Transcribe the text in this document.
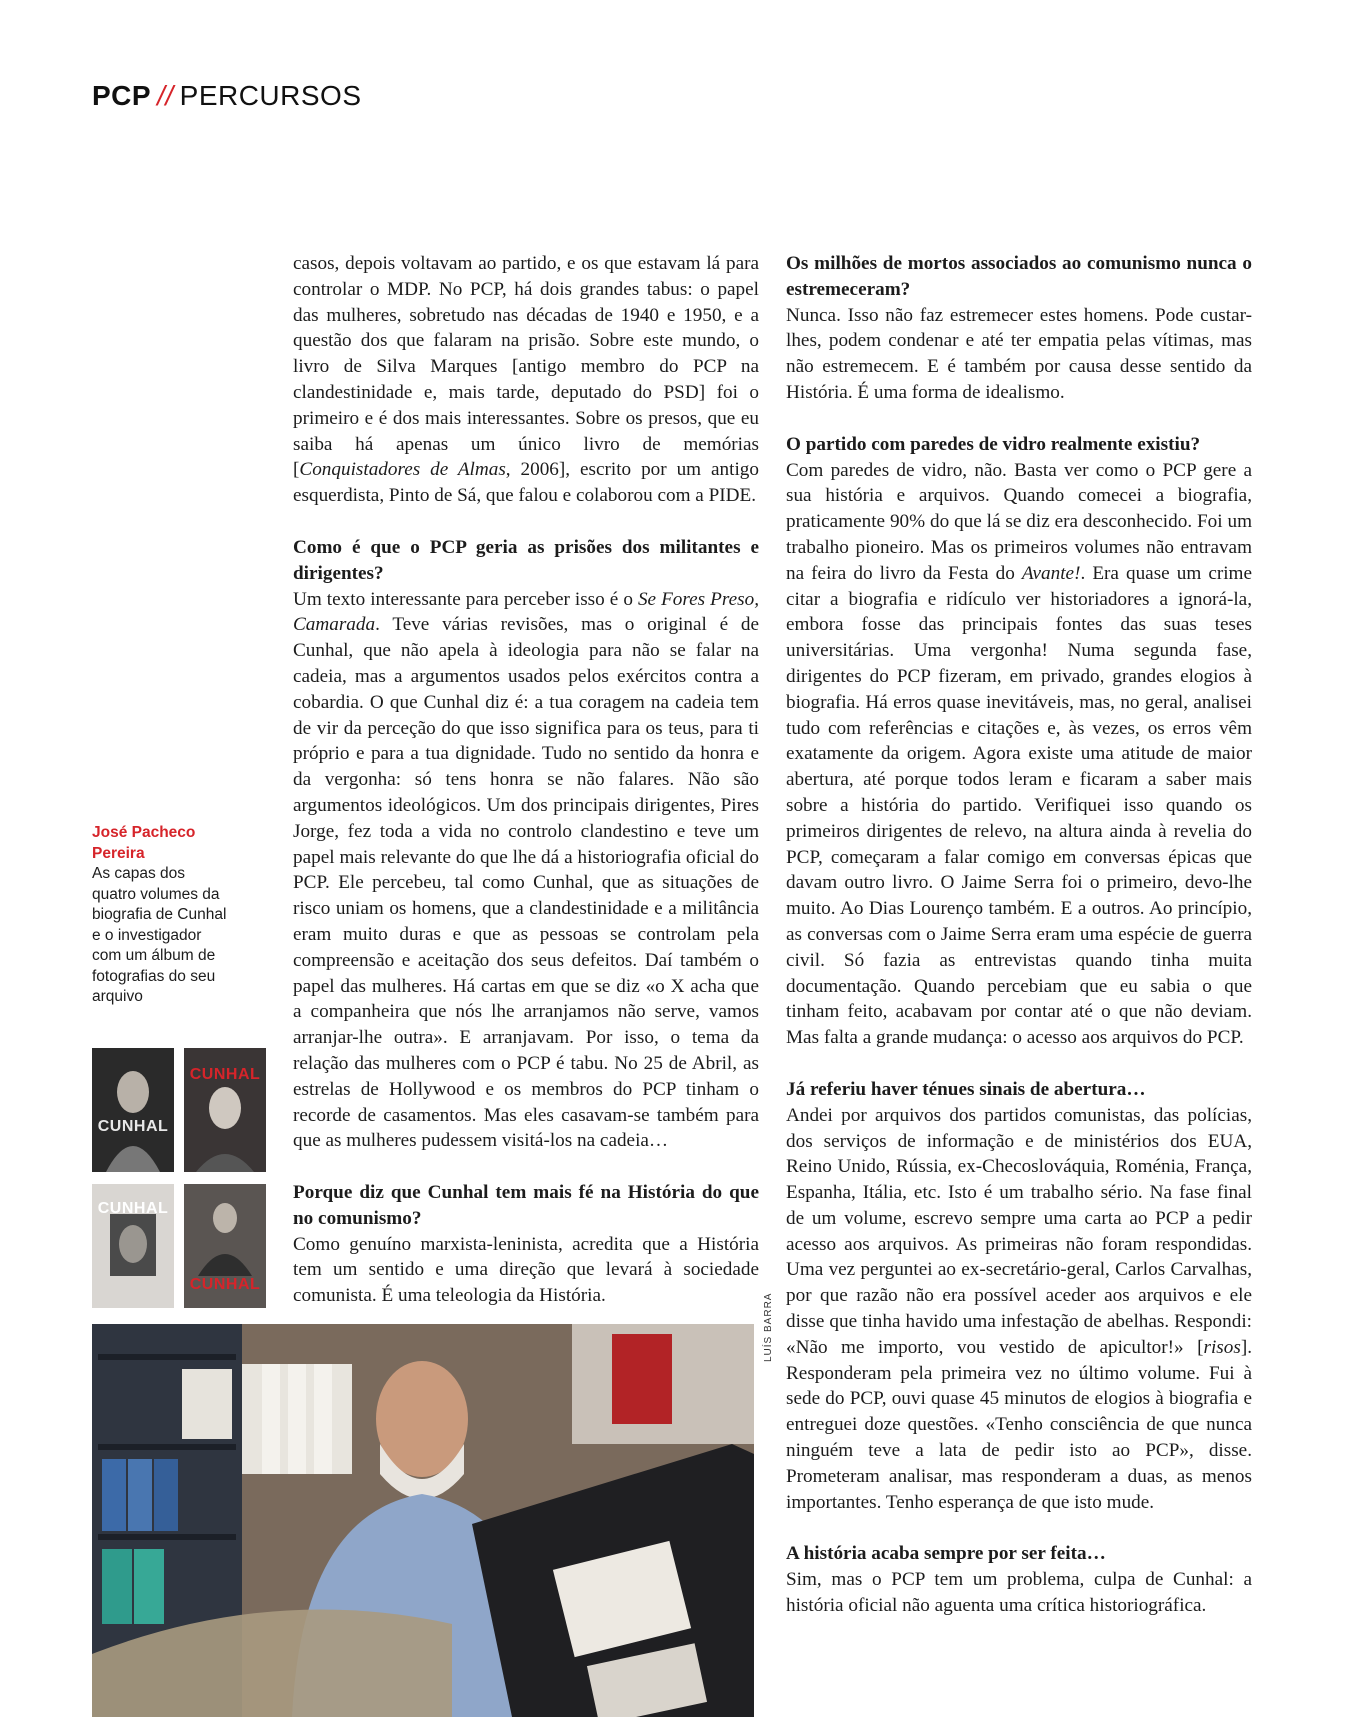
PCP // PERCURSOS

casos, depois voltavam ao partido, e os que estavam lá para controlar o MDP. No PCP, há dois grandes tabus: o papel das mulheres, sobretudo nas décadas de 1940 e 1950, e a questão dos que falaram na prisão. Sobre este mundo, o livro de Silva Marques [antigo membro do PCP na clandestinidade e, mais tarde, deputado do PSD] foi o primeiro e é dos mais interessantes. Sobre os presos, que eu saiba há apenas um único livro de memórias [Conquistadores de Almas, 2006], escrito por um antigo esquerdista, Pinto de Sá, que falou e colaborou com a PIDE.

Como é que o PCP geria as prisões dos militantes e dirigentes?

Um texto interessante para perceber isso é o Se Fores Preso, Camarada. Teve várias revisões, mas o original é de Cunhal, que não apela à ideologia para não se falar na cadeia, mas a argumentos usados pelos exércitos contra a cobardia. O que Cunhal diz é: a tua coragem na cadeia tem de vir da perceção do que isso significa para os teus, para ti próprio e para a tua dignidade. Tudo no sentido da honra e da vergonha: só tens honra se não falares. Não são argumentos ideológicos. Um dos principais dirigentes, Pires Jorge, fez toda a vida no controlo clandestino e teve um papel mais relevante do que lhe dá a historiografia oficial do PCP. Ele percebeu, tal como Cunhal, que as situações de risco uniam os homens, que a clandestinidade e a militância eram muito duras e que as pessoas se controlam pela compreensão e aceitação dos seus defeitos. Daí também o papel das mulheres. Há cartas em que se diz «o X acha que a companheira que nós lhe arranjamos não serve, vamos arranjar-lhe outra». E arranjavam. Por isso, o tema da relação das mulheres com o PCP é tabu. No 25 de Abril, as estrelas de Hollywood e os membros do PCP tinham o recorde de casamentos. Mas eles casavam-se também para que as mulheres pudessem visitá-los na cadeia…

Porque diz que Cunhal tem mais fé na História do que no comunismo?

Como genuíno marxista-leninista, acredita que a História tem um sentido e uma direção que levará à sociedade comunista. É uma teleologia da História.

Os milhões de mortos associados ao comunismo nunca o estremeceram?

Nunca. Isso não faz estremecer estes homens. Pode custar-lhes, podem condenar e até ter empatia pelas vítimas, mas não estremecem. E é também por causa desse sentido da História. É uma forma de idealismo.

O partido com paredes de vidro realmente existiu?

Com paredes de vidro, não. Basta ver como o PCP gere a sua história e arquivos. Quando comecei a biografia, praticamente 90% do que lá se diz era desconhecido. Foi um trabalho pioneiro. Mas os primeiros volumes não entravam na feira do livro da Festa do Avante!. Era quase um crime citar a biografia e ridículo ver historiadores a ignorá-la, embora fosse das principais fontes das suas teses universitárias. Uma vergonha! Numa segunda fase, dirigentes do PCP fizeram, em privado, grandes elogios à biografia. Há erros quase inevitáveis, mas, no geral, analisei tudo com referências e citações e, às vezes, os erros vêm exatamente da origem. Agora existe uma atitude de maior abertura, até porque todos leram e ficaram a saber mais sobre a história do partido. Verifiquei isso quando os primeiros dirigentes de relevo, na altura ainda à revelia do PCP, começaram a falar comigo em conversas épicas que davam outro livro. O Jaime Serra foi o primeiro, devo-lhe muito. Ao Dias Lourenço também. E a outros. Ao princípio, as conversas com o Jaime Serra eram uma espécie de guerra civil. Só fazia as entrevistas quando tinha muita documentação. Quando percebiam que eu sabia o que tinham feito, acabavam por contar até o que não deviam. Mas falta a grande mudança: o acesso aos arquivos do PCP.

Já referiu haver ténues sinais de abertura…

Andei por arquivos dos partidos comunistas, das polícias, dos serviços de informação e de ministérios dos EUA, Reino Unido, Rússia, ex-Checoslováquia, Roménia, França, Espanha, Itália, etc. Isto é um trabalho sério. Na fase final de um volume, escrevo sempre uma carta ao PCP a pedir acesso aos arquivos. As primeiras não foram respondidas. Uma vez perguntei ao ex-secretário-geral, Carlos Carvalhas, por que razão não era possível aceder aos arquivos e ele disse que tinha havido uma infestação de abelhas. Respondi: «Não me importo, vou vestido de apicultor!» [risos]. Responderam pela primeira vez no último volume. Fui à sede do PCP, ouvi quase 45 minutos de elogios à biografia e entreguei doze questões. «Tenho consciência de que nunca ninguém teve a lata de pedir isto ao PCP», disse. Prometeram analisar, mas responderam a duas, as menos importantes. Tenho esperança de que isto mude.

A história acaba sempre por ser feita…

Sim, mas o PCP tem um problema, culpa de Cunhal: a história oficial não aguenta uma crítica historiográfica.

José Pacheco Pereira
As capas dos quatro volumes da biografia de Cunhal e o investigador com um álbum de fotografias do seu arquivo
CUNHAL
CUNHAL
CUNHAL
CUNHAL
LUÍS BARRA
